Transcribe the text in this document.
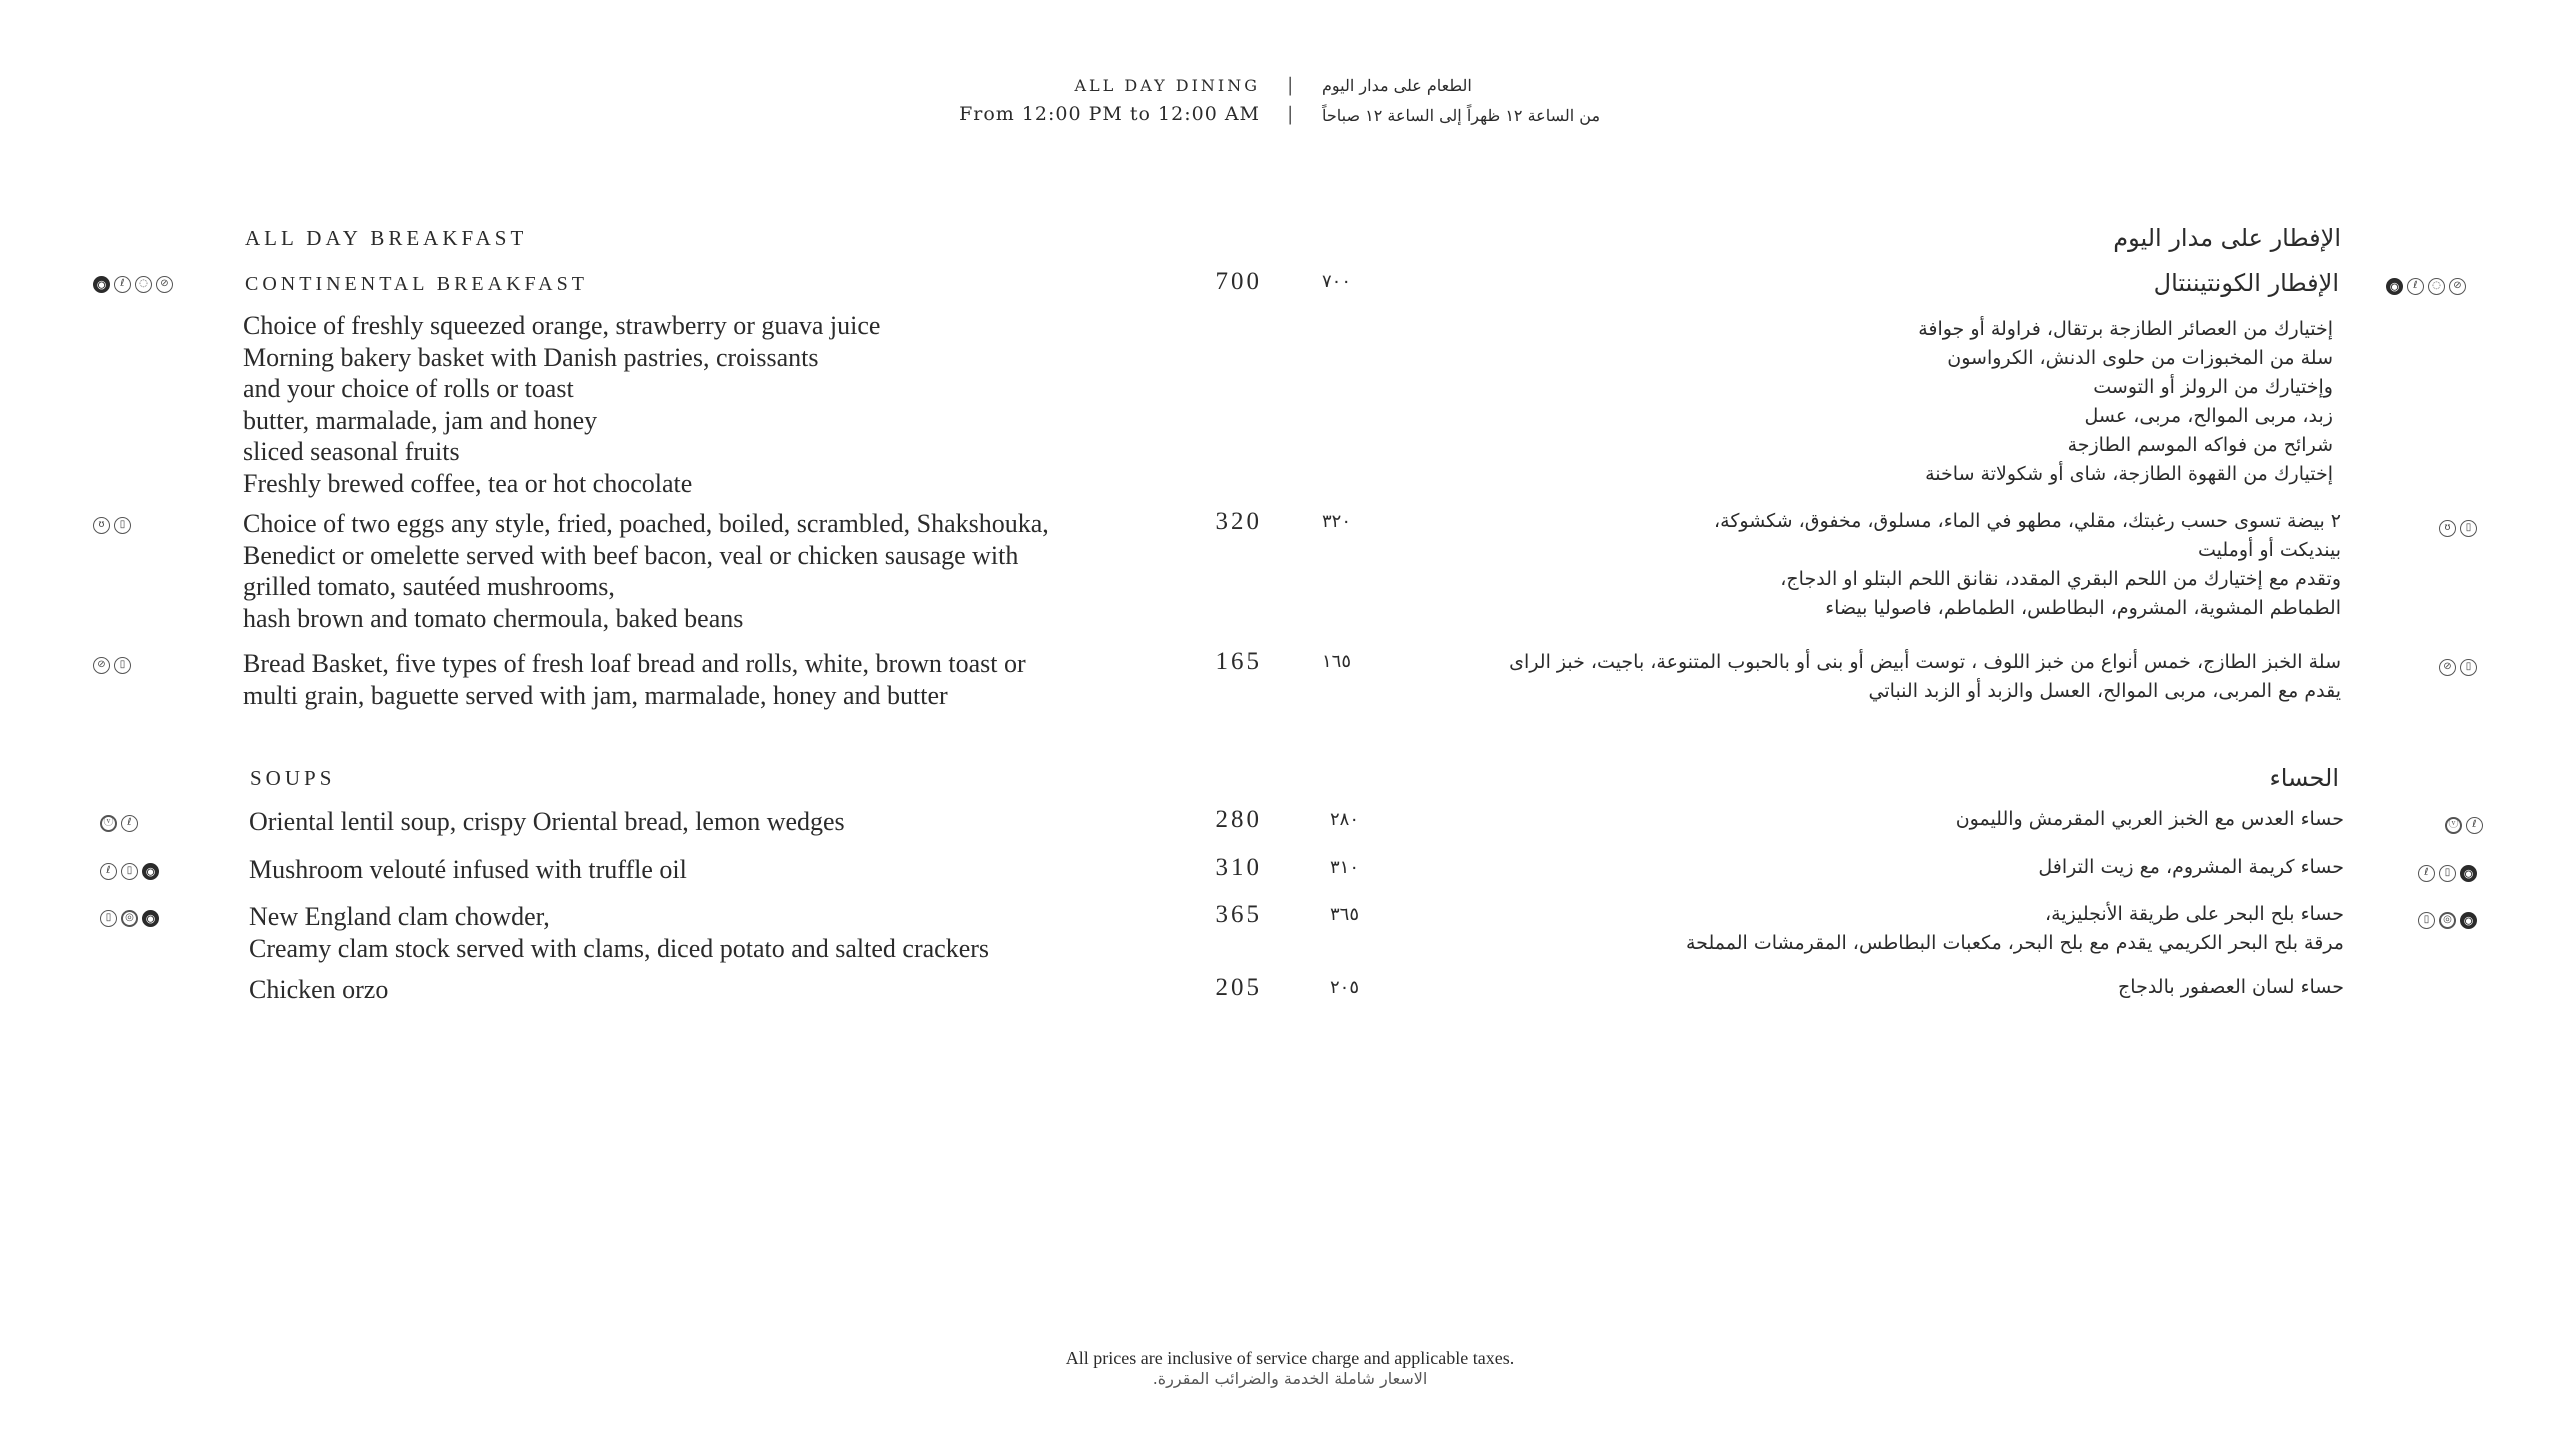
ALL DAY DINING | الطعام على مدار اليوم
From 12:00 PM to 12:00 AM | من الساعة ١٢ ظهراً إلى الساعة ١٢ صباحاً
ALL DAY BREAKFAST	الإفطار على مدار اليوم
◉	ℓ	◌	⊘	CONTINENTAL BREAKFAST	700	٧٠٠	الإفطار الكونتيننتال	◉	ℓ	◌	⊘
Choice of freshly squeezed orange, strawberry or guava juice
Morning bakery basket with Danish pastries, croissants
and your choice of rolls or toast
butter, marmalade, jam and honey
sliced seasonal fruits
Freshly brewed coffee, tea or hot chocolate
إختيارك من العصائر الطازجة برتقال، فراولة أو جوافة
سلة من المخبوزات من حلوى الدنش، الكرواسون
وإختيارك من الرولز أو التوست
زبد، مربى الموالح، مربى، عسل
شرائح من فواكه الموسم الطازجة
إختيارك من القهوة الطازجة، شاى أو شكولاتة ساخنة
ʊ	▯	Choice of two eggs any style, fried, poached, boiled, scrambled, Shakshouka,
Benedict or omelette served with beef bacon, veal or chicken sausage with
grilled tomato, sautéed mushrooms,
hash brown and tomato chermoula, baked beans
320	٣٢٠	٢ بيضة تسوى حسب رغبتك، مقلي، مطهو في الماء، مسلوق، مخفوق، شكشوكة،
بينديكت أو أومليت
وتقدم مع إختيارك من اللحم البقري المقدد، نقانق اللحم البتلو او الدجاج،
الطماطم المشوية، المشروم، البطاطس، الطماطم، فاصوليا بيضاء
ʊ	▯
⊘	▯	Bread Basket, five types of fresh loaf bread and rolls, white, brown toast or
multi grain, baguette served with jam, marmalade, honey and butter
165	١٦٥	سلة الخبز الطازج، خمس أنواع من خبز اللوف ، توست أبيض أو بنى أو بالحبوب المتنوعة، باجيت، خبز الراى
يقدم مع المربى، مربى الموالح، العسل والزبد أو الزبد النباتي
⊘	▯
SOUPS	الحساء
ⓥ	ℓ	Oriental lentil soup, crispy Oriental bread, lemon wedges	280	٢٨٠	حساء العدس مع الخبز العربي المقرمش والليمون	ⓥ	ℓ
ℓ	▯	◉	Mushroom velouté infused with truffle oil	310	٣١٠	حساء كريمة المشروم، مع زيت الترافل	ℓ	▯	◉
▯	◎	◉	New England clam chowder,
Creamy clam stock served with clams, diced potato and salted crackers
365	٣٦٥	حساء بلح البحر على طريقة الأنجليزية،
مرقة بلح البحر الكريمي يقدم مع بلح البحر، مكعبات البطاطس، المقرمشات المملحة
▯	◎	◉
Chicken orzo	205	٢٠٥	حساء لسان العصفور بالدجاج
All prices are inclusive of service charge and applicable taxes.
الاسعار شاملة الخدمة والضرائب المقررة.
